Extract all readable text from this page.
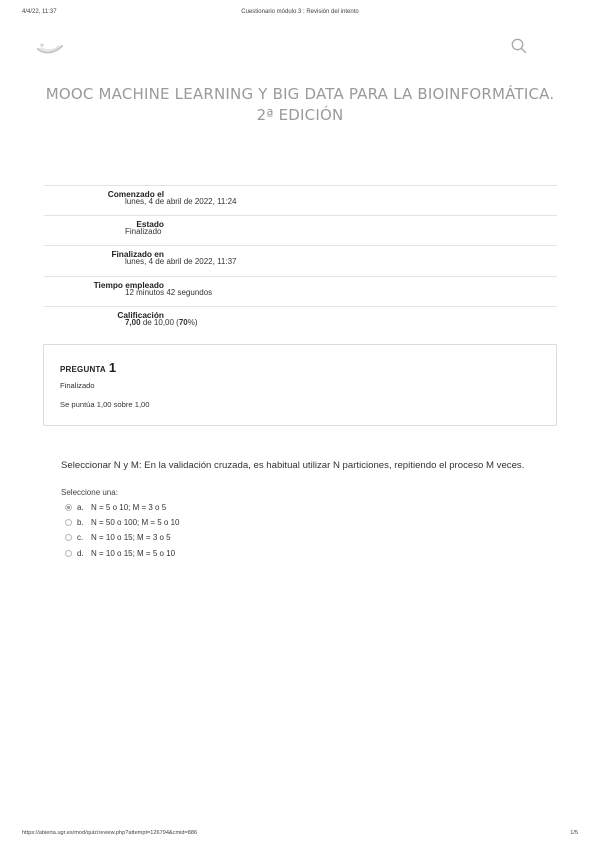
4/4/22, 11:37	Cuestionario módulo 3 : Revisión del intento
MOOC MACHINE LEARNING Y BIG DATA PARA LA BIOINFORMÁTICA. 2ª EDICIÓN
Comenzado el
lunes, 4 de abril de 2022, 11:24
Estado
Finalizado
Finalizado en
lunes, 4 de abril de 2022, 11:37
Tiempo empleado
12 minutos 42 segundos
Calificación
7,00 de 10,00 (70%)
PREGUNTA 1
Finalizado
Se puntúa 1,00 sobre 1,00
Seleccionar N y M: En la validación cruzada, es habitual utilizar N particiones, repitiendo el proceso M veces.
Seleccione una:
a. N = 5 o 10; M = 3 o 5
b. N = 50 o 100; M = 5 o 10
c. N = 10 o 15; M = 3 o 5
d. N = 10 o 15; M = 5 o 10
https://abierta.ugr.es/mod/quiz/review.php?attempt=126794&cmid=886	1/5
